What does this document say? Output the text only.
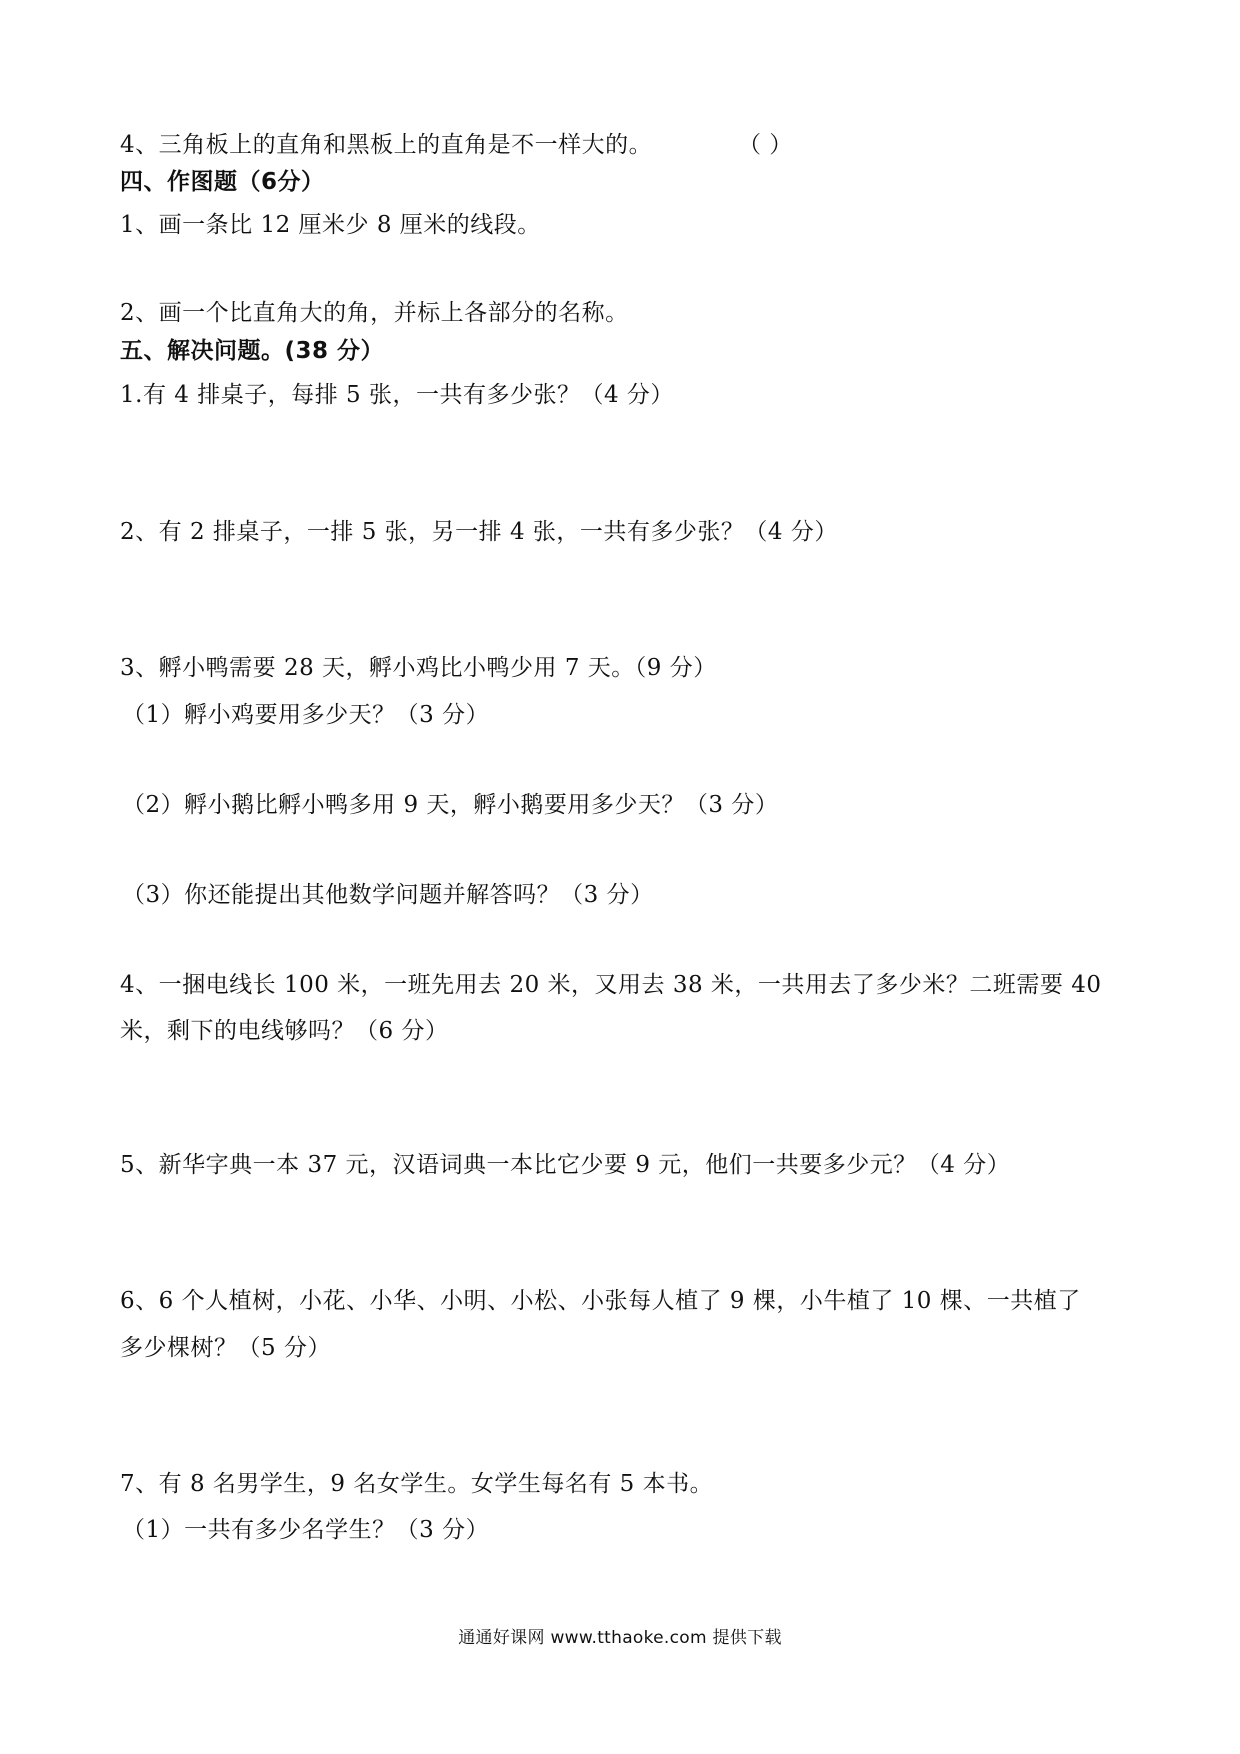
4、三角板上的直角和黑板上的直角是不一样大的。	（ ）
四、作图题（6分）
1、画一条比 12 厘米少 8 厘米的线段。
2、画一个比直角大的角，并标上各部分的名称。
五、解决问题。(38 分）
1.有 4 排桌子，每排 5 张，一共有多少张？（4 分）
2、有 2 排桌子，一排 5 张，另一排 4 张，一共有多少张？（4 分）
3、孵小鸭需要 28 天，孵小鸡比小鸭少用 7 天。（9 分）
（1）孵小鸡要用多少天？（3 分）
（2）孵小鹅比孵小鸭多用 9 天，孵小鹅要用多少天？（3 分）
（3）你还能提出其他数学问题并解答吗？（3 分）
4、一捆电线长 100 米，一班先用去 20 米，又用去 38 米，一共用去了多少米？二班需要 40
米，剩下的电线够吗？（6 分）
5、新华字典一本 37 元，汉语词典一本比它少要 9 元，他们一共要多少元？（4 分）
6、6 个人植树，小花、小华、小明、小松、小张每人植了 9 棵，小牛植了 10 棵、一共植了
多少棵树？（5 分）
7、有 8 名男学生，9 名女学生。女学生每名有 5 本书。
（1）一共有多少名学生？（3 分）
通通好课网 www.tthaoke.com 提供下载
